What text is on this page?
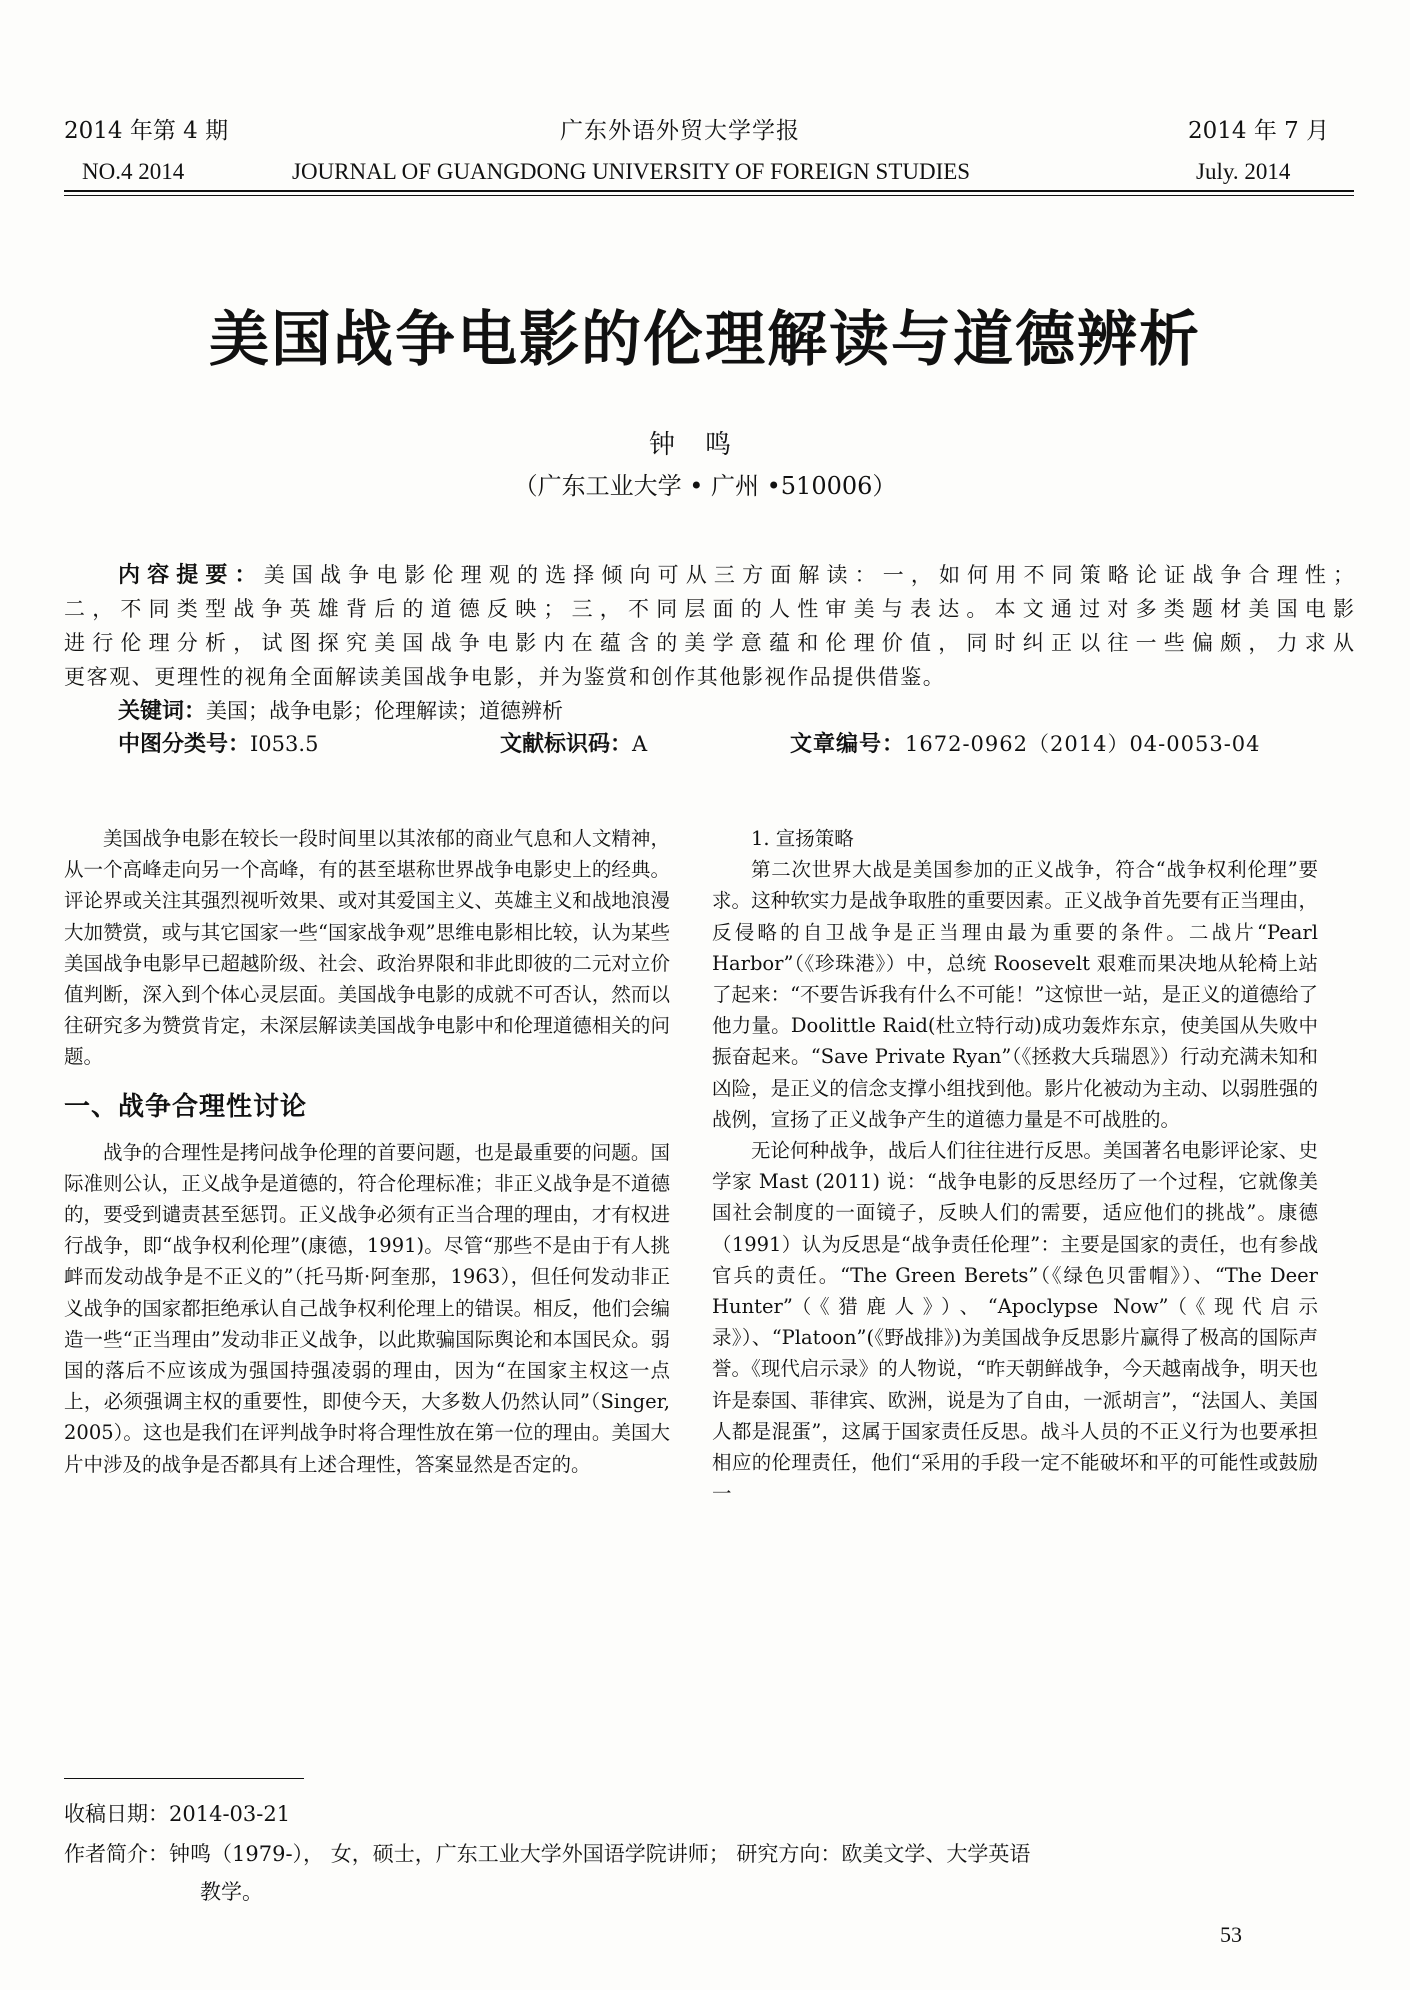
2014 年第 4 期
NO.4 2014
广东外语外贸大学学报
JOURNAL OF GUANGDONG UNIVERSITY OF FOREIGN STUDIES
2014 年 7 月
July. 2014
美国战争电影的伦理解读与道德辨析
钟鸣
（广东工业大学 • 广州 •510006）
内容提要：美国战争电影伦理观的选择倾向可从三方面解读：一，如何用不同策略论证战争合理性；
二，不同类型战争英雄背后的道德反映；三，不同层面的人性审美与表达。本文通过对多类题材美国电影
进行伦理分析，试图探究美国战争电影内在蕴含的美学意蕴和伦理价值，同时纠正以往一些偏颇，力求从
更客观、更理性的视角全面解读美国战争电影，并为鉴赏和创作其他影视作品提供借鉴。
关键词：美国；战争电影；伦理解读；道德辨析
中图分类号：I053.5	文献标识码：A	文章编号：1672-0962（2014）04-0053-04

美国战争电影在较长一段时间里以其浓郁的商业气息和人文精神，从一个高峰走向另一个高峰，有的甚至堪称世界战争电影史上的经典。评论界或关注其强烈视听效果、或对其爱国主义、英雄主义和战地浪漫大加赞赏，或与其它国家一些“国家战争观”思维电影相比较，认为某些美国战争电影早已超越阶级、社会、政治界限和非此即彼的二元对立价值判断，深入到个体心灵层面。美国战争电影的成就不可否认，然而以往研究多为赞赏肯定，未深层解读美国战争电影中和伦理道德相关的问题。

一、战争合理性讨论

战争的合理性是拷问战争伦理的首要问题，也是最重要的问题。国际准则公认，正义战争是道德的，符合伦理标准；非正义战争是不道德的，要受到谴责甚至惩罚。正义战争必须有正当合理的理由，才有权进行战争，即“战争权利伦理”(康德，1991)。尽管“那些不是由于有人挑衅而发动战争是不正义的”（托马斯·阿奎那，1963），但任何发动非正义战争的国家都拒绝承认自己战争权利伦理上的错误。相反，他们会编造一些“正当理由”发动非正义战争，以此欺骗国际舆论和本国民众。弱国的落后不应该成为强国持强凌弱的理由，因为“在国家主权这一点上，必须强调主权的重要性，即使今天，大多数人仍然认同”（Singer, 2005）。这也是我们在评判战争时将合理性放在第一位的理由。美国大片中涉及的战争是否都具有上述合理性，答案显然是否定的。

1. 宣扬策略

第二次世界大战是美国参加的正义战争，符合“战争权利伦理”要求。这种软实力是战争取胜的重要因素。正义战争首先要有正当理由，反侵略的自卫战争是正当理由最为重要的条件。二战片“Pearl Harbor”（《珍珠港》）中，总统 Roosevelt 艰难而果决地从轮椅上站了起来：“不要告诉我有什么不可能！”这惊世一站，是正义的道德给了他力量。Doolittle Raid(杜立特行动)成功轰炸东京，使美国从失败中振奋起来。“Save Private Ryan”（《拯救大兵瑞恩》）行动充满未知和凶险，是正义的信念支撑小组找到他。影片化被动为主动、以弱胜强的战例，宣扬了正义战争产生的道德力量是不可战胜的。

无论何种战争，战后人们往往进行反思。美国著名电影评论家、史学家 Mast (2011) 说：“战争电影的反思经历了一个过程，它就像美国社会制度的一面镜子，反映人们的需要，适应他们的挑战”。康德（1991）认为反思是“战争责任伦理”：主要是国家的责任，也有参战官兵的责任。“The Green Berets”（《绿色贝雷帽》）、“The Deer Hunter”（《猎鹿人》）、“Apoclypse Now”（《现代启示录》）、“Platoon”(《野战排》)为美国战争反思影片赢得了极高的国际声誉。《现代启示录》的人物说，“昨天朝鲜战争，今天越南战争，明天也许是泰国、菲律宾、欧洲，说是为了自由，一派胡言”，“法国人、美国人都是混蛋”，这属于国家责任反思。战斗人员的不正义行为也要承担相应的伦理责任，他们“采用的手段一定不能破坏和平的可能性或鼓励一

收稿日期：2014-03-21
作者简介：钟鸣（1979-）， 女，硕士，广东工业大学外国语学院讲师； 研究方向：欧美文学、大学英语
教学。
53
